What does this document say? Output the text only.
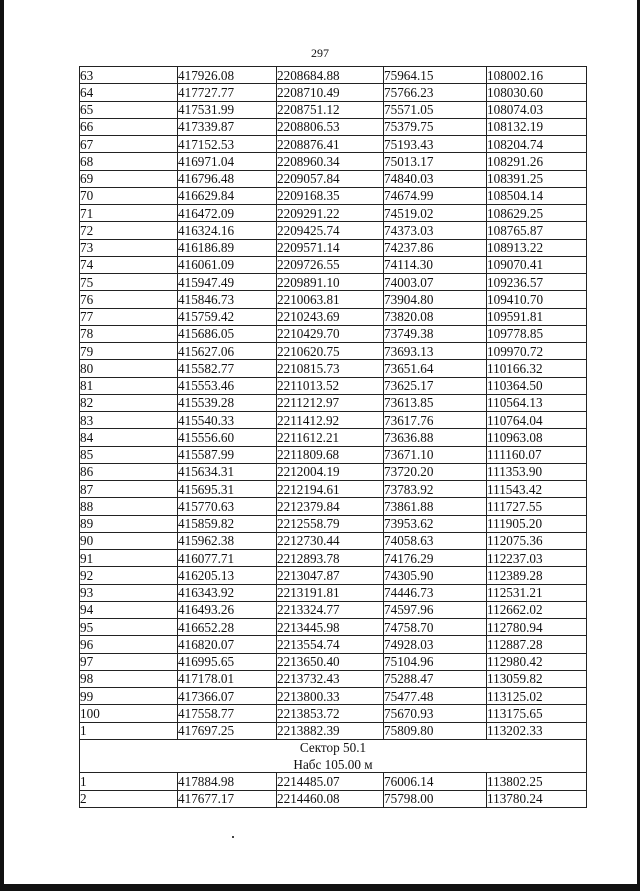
297
63	417926.08	2208684.88	75964.15	108002.16
64	417727.77	2208710.49	75766.23	108030.60
65	417531.99	2208751.12	75571.05	108074.03
66	417339.87	2208806.53	75379.75	108132.19
67	417152.53	2208876.41	75193.43	108204.74
68	416971.04	2208960.34	75013.17	108291.26
69	416796.48	2209057.84	74840.03	108391.25
70	416629.84	2209168.35	74674.99	108504.14
71	416472.09	2209291.22	74519.02	108629.25
72	416324.16	2209425.74	74373.03	108765.87
73	416186.89	2209571.14	74237.86	108913.22
74	416061.09	2209726.55	74114.30	109070.41
75	415947.49	2209891.10	74003.07	109236.57
76	415846.73	2210063.81	73904.80	109410.70
77	415759.42	2210243.69	73820.08	109591.81
78	415686.05	2210429.70	73749.38	109778.85
79	415627.06	2210620.75	73693.13	109970.72
80	415582.77	2210815.73	73651.64	110166.32
81	415553.46	2211013.52	73625.17	110364.50
82	415539.28	2211212.97	73613.85	110564.13
83	415540.33	2211412.92	73617.76	110764.04
84	415556.60	2211612.21	73636.88	110963.08
85	415587.99	2211809.68	73671.10	111160.07
86	415634.31	2212004.19	73720.20	111353.90
87	415695.31	2212194.61	73783.92	111543.42
88	415770.63	2212379.84	73861.88	111727.55
89	415859.82	2212558.79	73953.62	111905.20
90	415962.38	2212730.44	74058.63	112075.36
91	416077.71	2212893.78	74176.29	112237.03
92	416205.13	2213047.87	74305.90	112389.28
93	416343.92	2213191.81	74446.73	112531.21
94	416493.26	2213324.77	74597.96	112662.02
95	416652.28	2213445.98	74758.70	112780.94
96	416820.07	2213554.74	74928.03	112887.28
97	416995.65	2213650.40	75104.96	112980.42
98	417178.01	2213732.43	75288.47	113059.82
99	417366.07	2213800.33	75477.48	113125.02
100	417558.77	2213853.72	75670.93	113175.65
1	417697.25	2213882.39	75809.80	113202.33
Сектор 50.1				
Набс 105.00 м				
1	417884.98	2214485.07	76006.14	113802.25
2	417677.17	2214460.08	75798.00	113780.24
